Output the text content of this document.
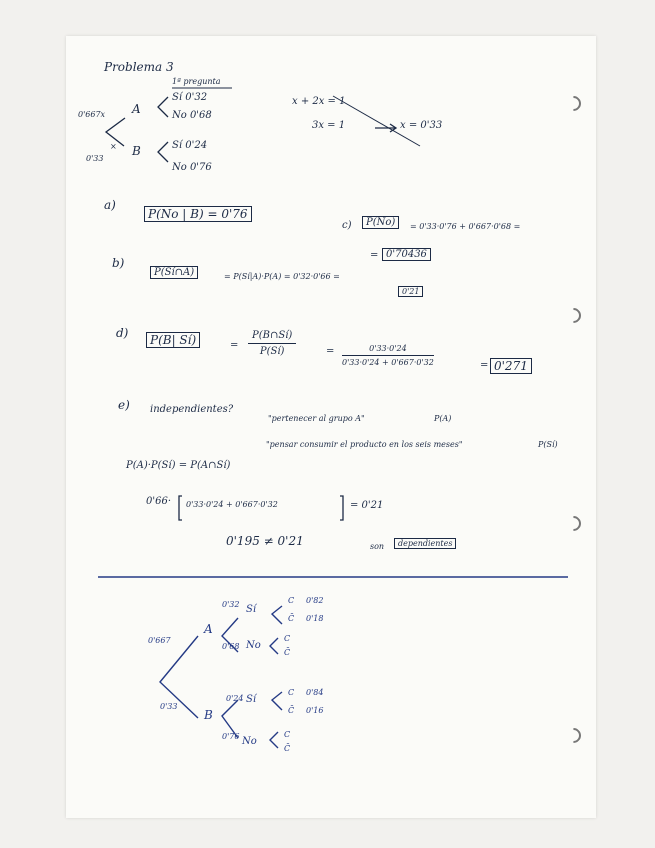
Problema 3
1ª pregunta
0'667x
×
0'33
A
B
Sí 0'32
No 0'68
Sí 0'24
No 0'76
x + 2x = 1
3x = 1	x = 0'33
a)
P(No | B) = 0'76
c)	P(No)	= 0'33·0'76 + 0'667·0'68 =
= 0'70436
b)
P(Sí∩A)	= P(Sí|A)·P(A) = 0'32·0'66 =
0'21
d)	P(B| Sí)	= $\frac{P(B\cap Sí)}{P(Sí)}$	= $\frac{0'33\cdot 0'24}{0'33\cdot 0'24 + 0'667\cdot 0'32}$	= 0'271
e) independientes?
"pertenecer al grupo A"	P(A)
"pensar consumir el producto en los seis meses"	P(Sí)
P(A)·P(Sí) = P(A∩Sí)
0'66· 0'33·0'24 + 0'667·0'32	= 0'21
0'195 ≠ 0'21	son	dependientes
0'667
0'33
A
B
0'32 Sí
0'68 No
0'24 Sí
0'76 No
C 0'82
C̄ 0'18
C
C̄
C 0'84
C̄ 0'16
C
C̄
